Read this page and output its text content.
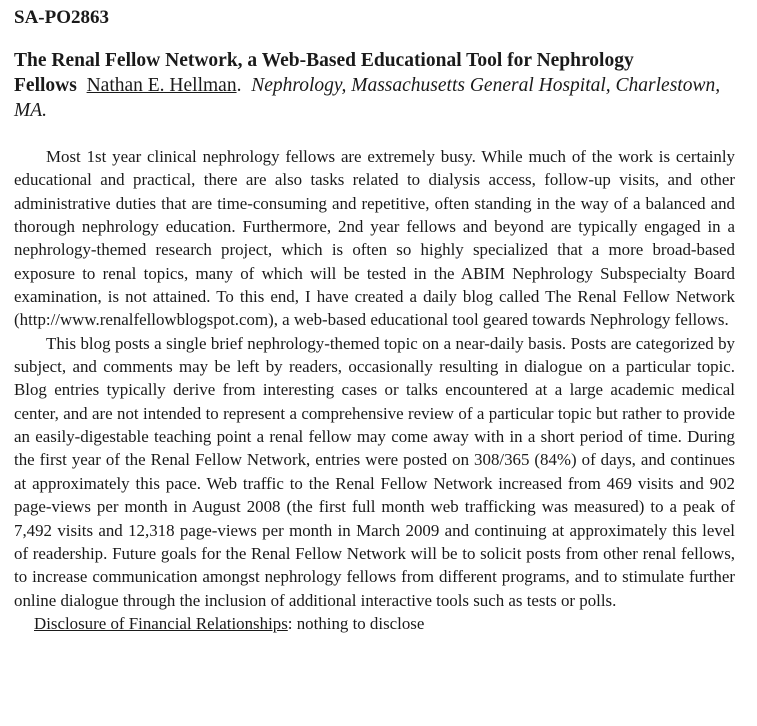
SA-PO2863
The Renal Fellow Network, a Web-Based Educational Tool for Nephrology Fellows Nathan E. Hellman. Nephrology, Massachusetts General Hospital, Charlestown, MA.

Most 1st year clinical nephrology fellows are extremely busy. While much of the work is certainly educational and practical, there are also tasks related to dialysis access, follow-up visits, and other administrative duties that are time-consuming and repetitive, often standing in the way of a balanced and thorough nephrology education. Furthermore, 2nd year fellows and beyond are typically engaged in a nephrology-themed research project, which is often so highly specialized that a more broad-based exposure to renal topics, many of which will be tested in the ABIM Nephrology Subspecialty Board examination, is not attained. To this end, I have created a daily blog called The Renal Fellow Network (http://www.renalfellowblogspot.com), a web-based educational tool geared towards Nephrology fellows.

This blog posts a single brief nephrology-themed topic on a near-daily basis. Posts are categorized by subject, and comments may be left by readers, occasionally resulting in dialogue on a particular topic. Blog entries typically derive from interesting cases or talks encountered at a large academic medical center, and are not intended to represent a comprehensive review of a particular topic but rather to provide an easily-digestable teaching point a renal fellow may come away with in a short period of time. During the first year of the Renal Fellow Network, entries were posted on 308/365 (84%) of days, and continues at approximately this pace. Web traffic to the Renal Fellow Network increased from 469 visits and 902 page-views per month in August 2008 (the first full month web trafficking was measured) to a peak of 7,492 visits and 12,318 page-views per month in March 2009 and continuing at approximately this level of readership. Future goals for the Renal Fellow Network will be to solicit posts from other renal fellows, to increase communication amongst nephrology fellows from different programs, and to stimulate further online dialogue through the inclusion of additional interactive tools such as tests or polls.

Disclosure of Financial Relationships: nothing to disclose
